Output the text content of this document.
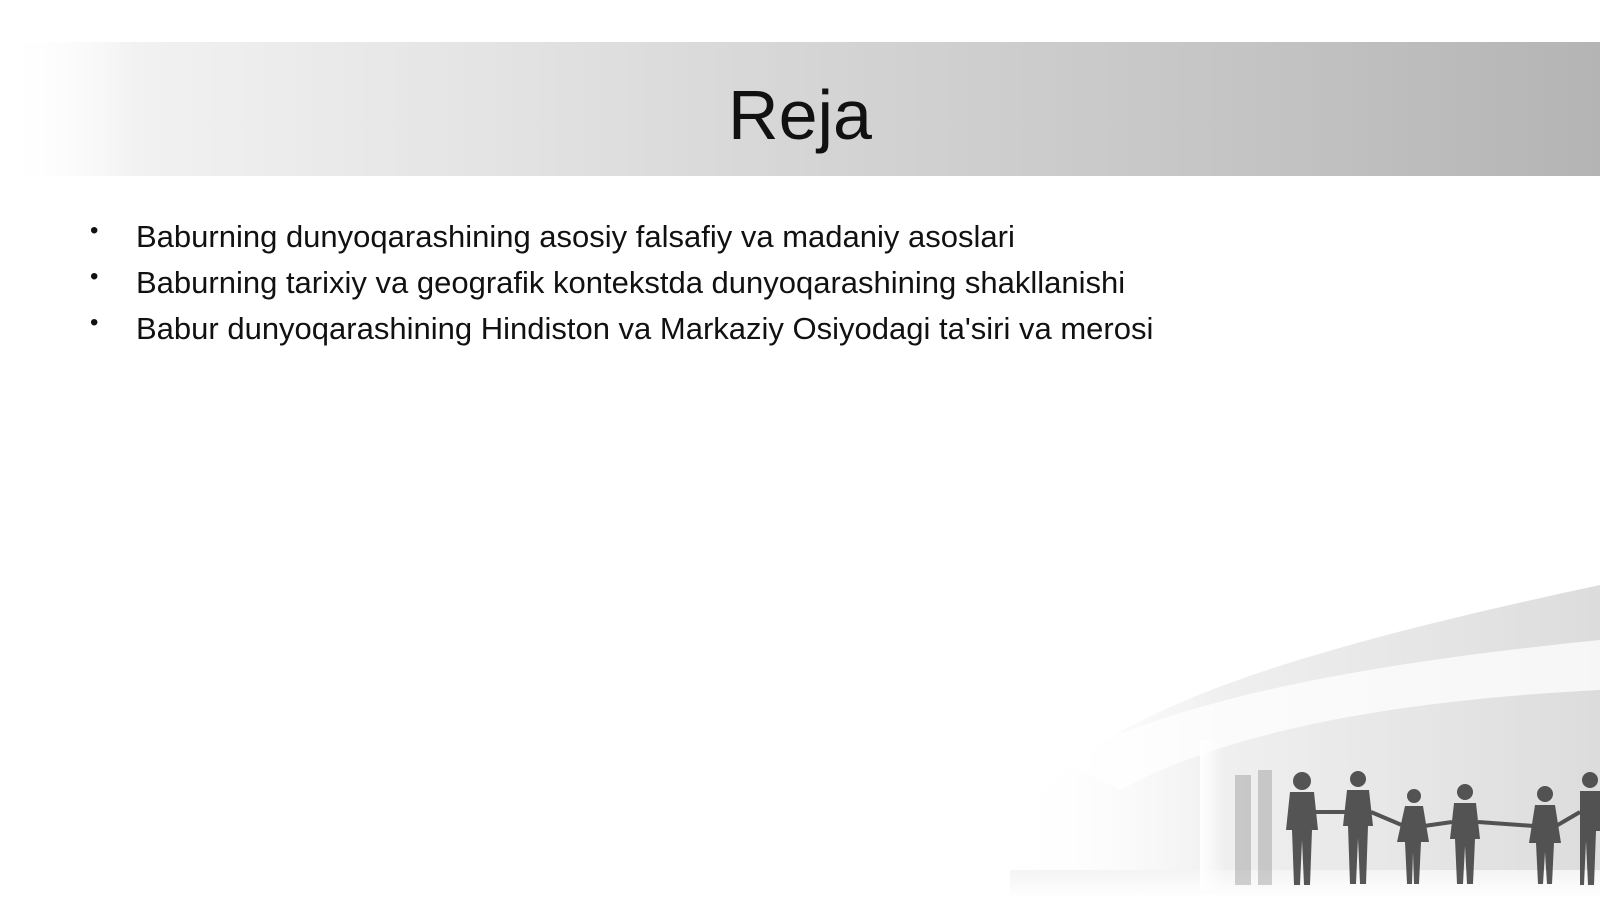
Reja
• Baburning dunyoqarashining asosiy falsafiy va madaniy asoslari
• Baburning tarixiy va geografik kontekstda dunyoqarashining shakllanishi
• Babur dunyoqarashining Hindiston va Markaziy Osiyodagi ta'siri va merosi
